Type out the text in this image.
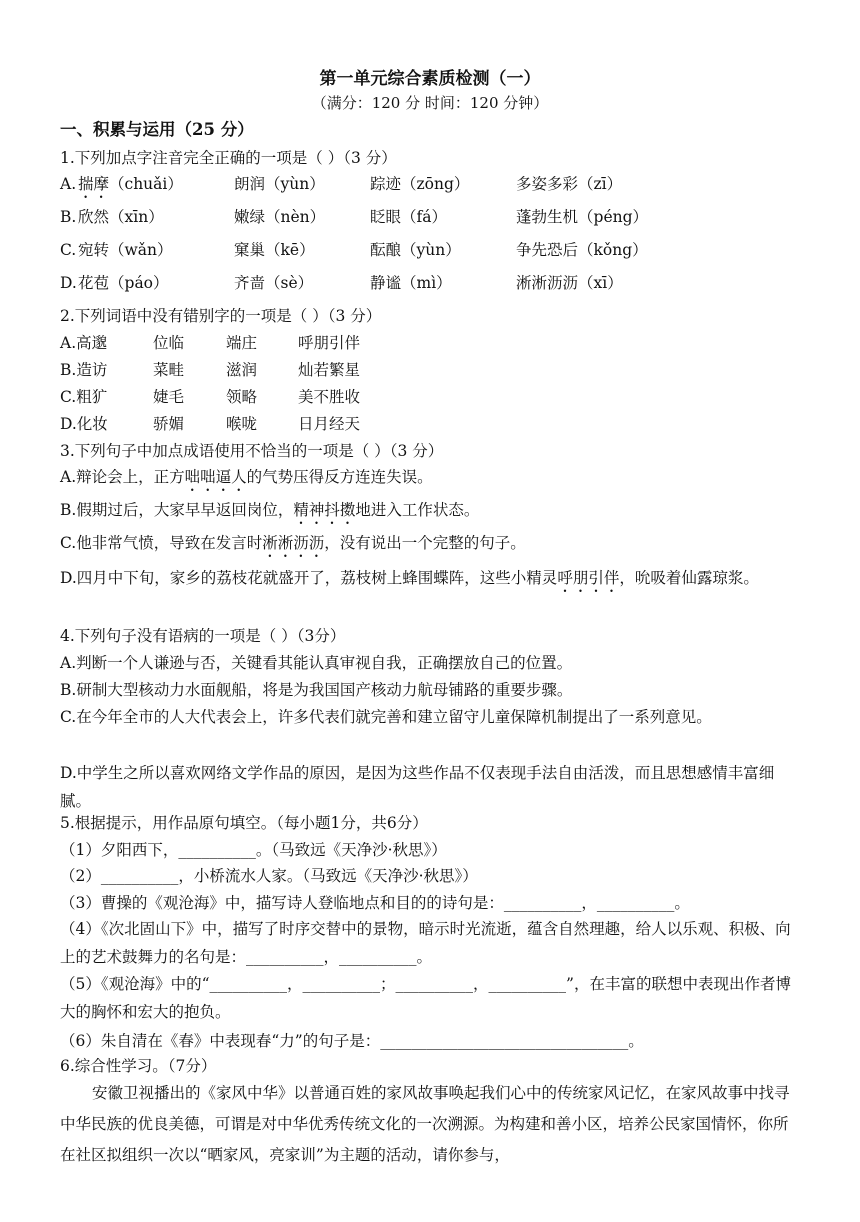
第一单元综合素质检测（一）
（满分：120 分 时间：120 分钟）
一、积累与运用（25 分）
1.下列加点字注音完全正确的一项是（ ）（3 分）
A. 揣摩（chuǎi）	朗润（yùn）	踪迹（zōng）	多姿多彩（zī）
B. 欣然（xīn）	嫩绿（nèn）	眨眼（fá）	蓬勃生机（péng）
C. 宛转（wǎn）	窠巢（kē）	酝酿（yùn）	争先恐后（kǒng）
D. 花苞（páo）	齐啬（sè）	静谧（mì）	淅淅沥沥（xī）
2.下列词语中没有错别字的一项是（ ）（3 分）
A.高邈	位临	端庄	呼朋引伴
B.造访	菜畦	滋润	灿若繁星
C.粗犷	婕毛	领略	美不胜收
D.化妆	骄媚	喉咙	日月经天
3.下列句子中加点成语使用不恰当的一项是（ ）（3 分）
A.辩论会上，正方咄咄逼人的气势压得反方连连失误。
B.假期过后，大家早早返回岗位，精神抖擞地进入工作状态。
C.他非常气愤，导致在发言时淅淅沥沥，没有说出一个完整的句子。
D.四月中下旬，家乡的荔枝花就盛开了，荔枝树上蜂围蝶阵，这些小精灵呼朋引伴，吮吸着仙露琼浆。
4.下列句子没有语病的一项是（ ）（3分）
A.判断一个人谦逊与否，关键看其能认真审视自我，正确摆放自己的位置。
B.研制大型核动力水面舰船，将是为我国国产核动力航母铺路的重要步骤。
C.在今年全市的人大代表会上，许多代表们就完善和建立留守儿童保障机制提出了一系列意见。
D.中学生之所以喜欢网络文学作品的原因，是因为这些作品不仅表现手法自由活泼，而且思想感情丰富细腻。
5.根据提示，用作品原句填空。（每小题1分，共6分）
（1）夕阳西下，__________。（马致远《天净沙·秋思》）
（2）__________，小桥流水人家。（马致远《天净沙·秋思》）
（3）曹操的《观沧海》中，描写诗人登临地点和目的的诗句是：__________，__________。
（4）《次北固山下》中，描写了时序交替中的景物，暗示时光流逝，蕴含自然理趣，给人以乐观、积极、向上的艺术鼓舞力的名句是：__________，__________。
（5）《观沧海》中的“__________，__________；__________，__________”，在丰富的联想中表现出作者博大的胸怀和宏大的抱负。
（6）朱自清在《春》中表现春“力”的句子是：________________________________。
6.综合性学习。（7分）
安徽卫视播出的《家风中华》以普通百姓的家风故事唤起我们心中的传统家风记忆，在家风故事中找寻中华民族的优良美德，可谓是对中华优秀传统文化的一次溯源。为构建和善小区，培养公民家国情怀，你所在社区拟组织一次以“晒家风，亮家训”为主题的活动，请你参与，
